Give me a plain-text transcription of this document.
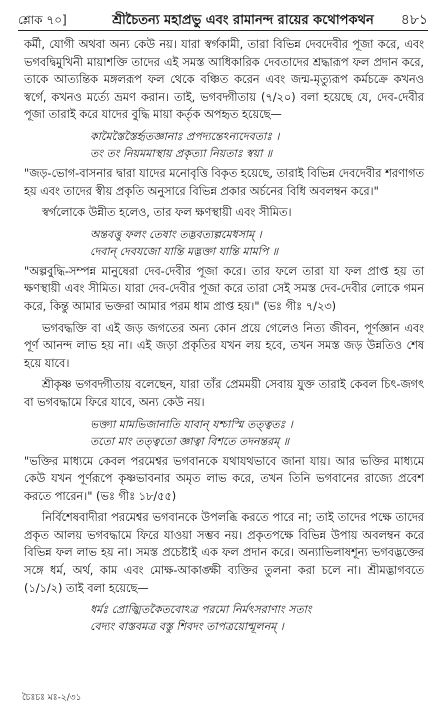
শ্লোক ৭০]	শ্রীচৈতন্য মহাপ্রভু এবং রামানন্দ রায়ের কথোপকথন	৪৮১

কর্মী, যোগী অথবা অন্য কেউ নয়। যারা স্বর্গকামী, তারা বিভিন্ন দেবদেবীর পূজা করে, এবং ভগবদ্বিমুখিনী মায়াশক্তি তাদের এই সমস্ত আধিকারিক দেবতাদের শ্রদ্ধারূপ ফল প্রদান করে, তাকে আত্যন্তিক মঙ্গলরূপ ফল থেকে বঞ্চিত করেন এবং জন্ম-মৃত্যুরূপ কর্মচক্রে কখনও স্বর্গে, কখনও মর্ত্যে ভ্রমণ করান। তাই, ভগবদ্গীতায় (৭/২০) বলা হয়েছে যে, দেব-দেবীর পূজা তারাই করে যাদের বুদ্ধি মায়া কর্তৃক অপহৃত হয়েছে—

কামৈস্তৈস্তৈর্হৃতজ্ঞানাঃ প্রপদ্যন্তেঽন্যদেবতাঃ ।
তং তং নিয়মমাস্থায় প্রকৃত্যা নিয়তাঃ স্বয়া ॥

"জড়-ভোগ-বাসনার দ্বারা যাদের মনোবৃত্তি বিকৃত হয়েছে, তারাই বিভিন্ন দেবদেবীর শরণাগত হয় এবং তাদের স্বীয় প্রকৃতি অনুসারে বিভিন্ন প্রকার অর্চনের বিধি অবলম্বন করে।"

স্বর্গলোকে উন্নীত হলেও, তার ফল ক্ষণস্থায়ী এবং সীমিত।

অন্তবত্তু ফলং তেষাং তদ্ভবত্যল্পমেধসাম্ ।
দেবান্ দেবযজো যান্তি মদ্ভক্তা যান্তি মামপি ॥

"অল্পবুদ্ধি-সম্পন্ন মানুষেরা দেব-দেবীর পূজা করে। তার ফলে তারা যা ফল প্রাপ্ত হয় তা ক্ষণস্থায়ী এবং সীমিত। যারা দেব-দেবীর পূজা করে তারা সেই সমস্ত দেব-দেবীর লোকে গমন করে, কিন্তু আমার ভক্তরা আমার পরম ধাম প্রাপ্ত হয়।" (ভঃ গীঃ ৭/২৩)

ভগবদ্ধক্তি বা এই জড় জগতের অন্য কোন প্রয়ে গেলেও নিত্য জীবন, পূর্ণজ্ঞান এবং পূর্ণ আনন্দ লাভ হয় না। এই জড়া প্রকৃতির যখন লয় হবে, তখন সমস্ত জড় উন্নতিও শেষ হয়ে যাবে।

শ্রীকৃষ্ণ ভগবদ্গীতায় বলেছেন, যারা তাঁর প্রেমময়ী সেবায় যুক্ত তারাই কেবল চিৎ-জগৎ বা ভগবদ্ধামে ফিরে যাবে, অন্য কেউ নয়।

ভক্ত্যা মামভিজানাতি যাবান্ যশ্চাস্মি তত্ত্বতঃ ।
ততো মাং তত্ত্বতো জ্ঞাত্বা বিশতে তদনন্তরম্ ॥

"ভক্তির মাধ্যমে কেবল পরমেশ্বর ভগবানকে যথাযথভাবে জানা যায়। আর ভক্তির মাধ্যমে কেউ যখন পূর্ণরূপে কৃষ্ণভাবনার অমৃত লাভ করে, তখন তিনি ভগবানের রাজ্যে প্রবেশ করতে পারেন।" (ভঃ গীঃ ১৮/৫৫)

নির্বিশেষবাদীরা পরমেশ্বর ভগবানকে উপলব্ধি করতে পারে না; তাই তাদের পক্ষে তাদের প্রকৃত আলয় ভগবদ্ধামে ফিরে যাওয়া সম্ভব নয়। প্রকৃতপক্ষে বিভিন্ন উপায় অবলম্বন করে বিভিন্ন ফল লাভ হয় না। সমস্ত প্রচেষ্টাই এক ফল প্রদান করে। অন্যাভিলাষশূন্য ভগবদ্ভক্তের সঙ্গে ধর্ম, অর্থ, কাম এবং মোক্ষ-আকাঙ্ক্ষী ব্যক্তির তুলনা করা চলে না। শ্রীমদ্ভাগবতে (১/১/২) তাই বলা হয়েছে—

ধর্মঃ প্রোজ্ঝিতকৈতবোঽত্র পরমো নির্মৎসরাণাং সতাং
বেদ্যং বাস্তবমত্র বস্তু শিবদং তাপত্রয়োন্মূলনম্ ।
চৈঃচঃ মঃ-২/৩১
